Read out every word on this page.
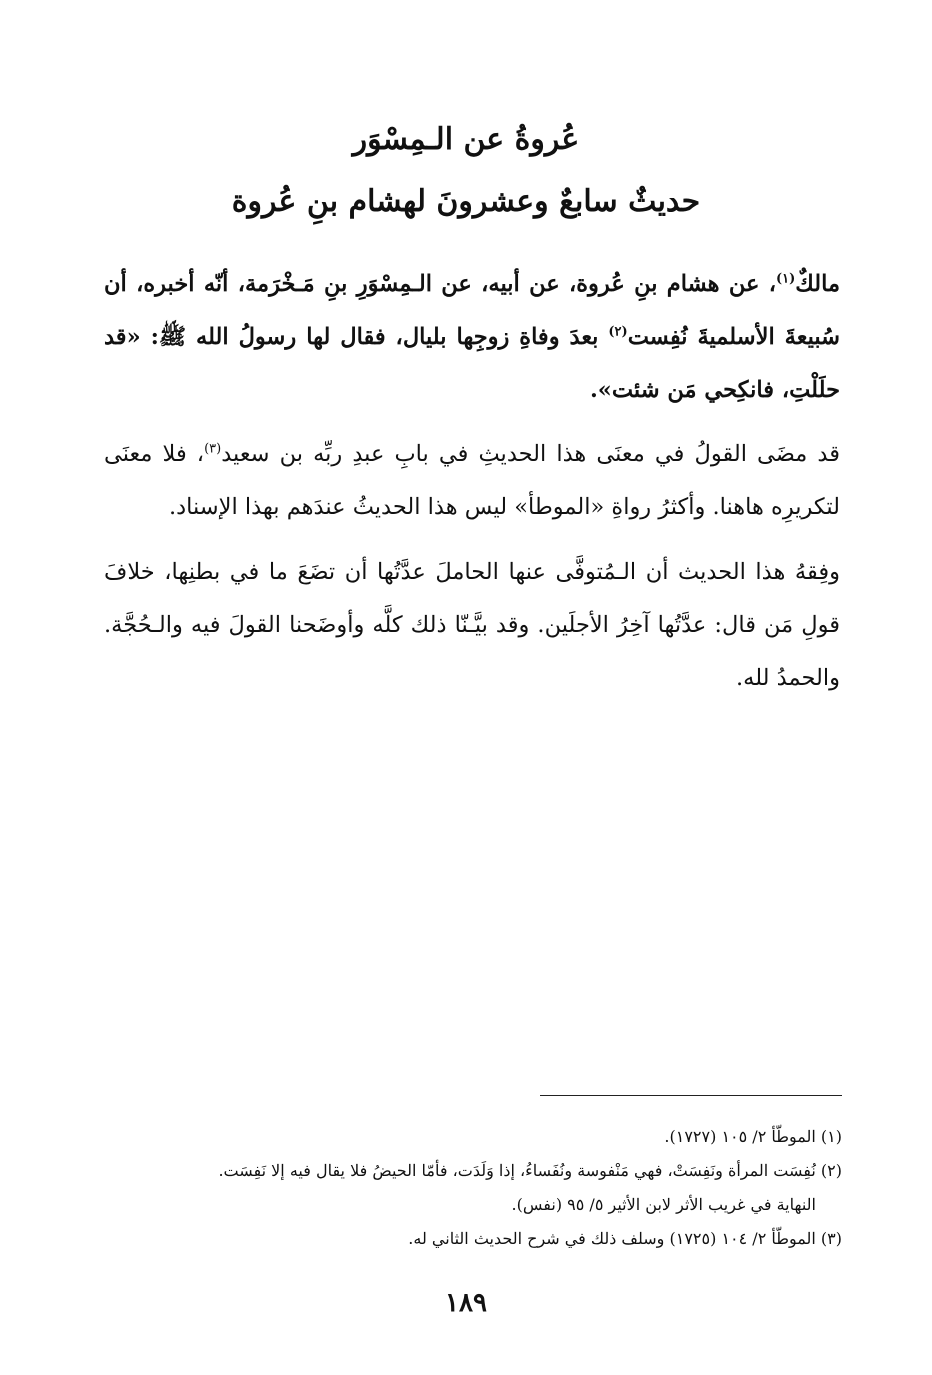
عُروةُ عن الـمِسْوَر
حديثٌ سابعٌ وعشرونَ لهشام بنِ عُروة

مالكٌ$^{(١)}$، عن هشام بنِ عُروة، عن أبيه، عن الـمِسْوَرِ بنِ مَـخْرَمة، أنّه أخبره، أن سُبيعةَ الأسلميةَ نُفِست$^{(٢)}$ بعدَ وفاةِ زوجِها بليال، فقال لها رسولُ الله ﷺ: «قد حلَلْتِ، فانكِحي مَن شئت».

قد مضَى القولُ في معنَى هذا الحديثِ في بابِ عبدِ ربِّه بن سعيد$^{(٣)}$، فلا معنَى لتكريرِه هاهنا. وأكثرُ رواةِ «الموطأ» ليس هذا الحديثُ عندَهم بهذا الإسناد.

وفِقهُ هذا الحديث أن الـمُتوفَّى عنها الحاملَ عدَّتُها أن تضَعَ ما في بطنِها، خلافَ قولِ مَن قال: عدَّتُها آخِرُ الأجلَين. وقد بيَّـنّا ذلك كلَّه وأوضَحنا القولَ فيه والـحُجَّة. والحمدُ لله.

(١) الموطّأ ٢/ ١٠٥ (١٧٢٧).

(٢) نُفِسَت المرأة ونَفِسَتْ، فهي مَنْفوسة ونُفَساءُ، إذا وَلَدَت، فأمّا الحيضُ فلا يقال فيه إلا نَفِسَت.

النهاية في غريب الأثر لابن الأثير ٥/ ٩٥ (نفس).

(٣) الموطّأ ٢/ ١٠٤ (١٧٢٥) وسلف ذلك في شرح الحديث الثاني له.

١٨٩
